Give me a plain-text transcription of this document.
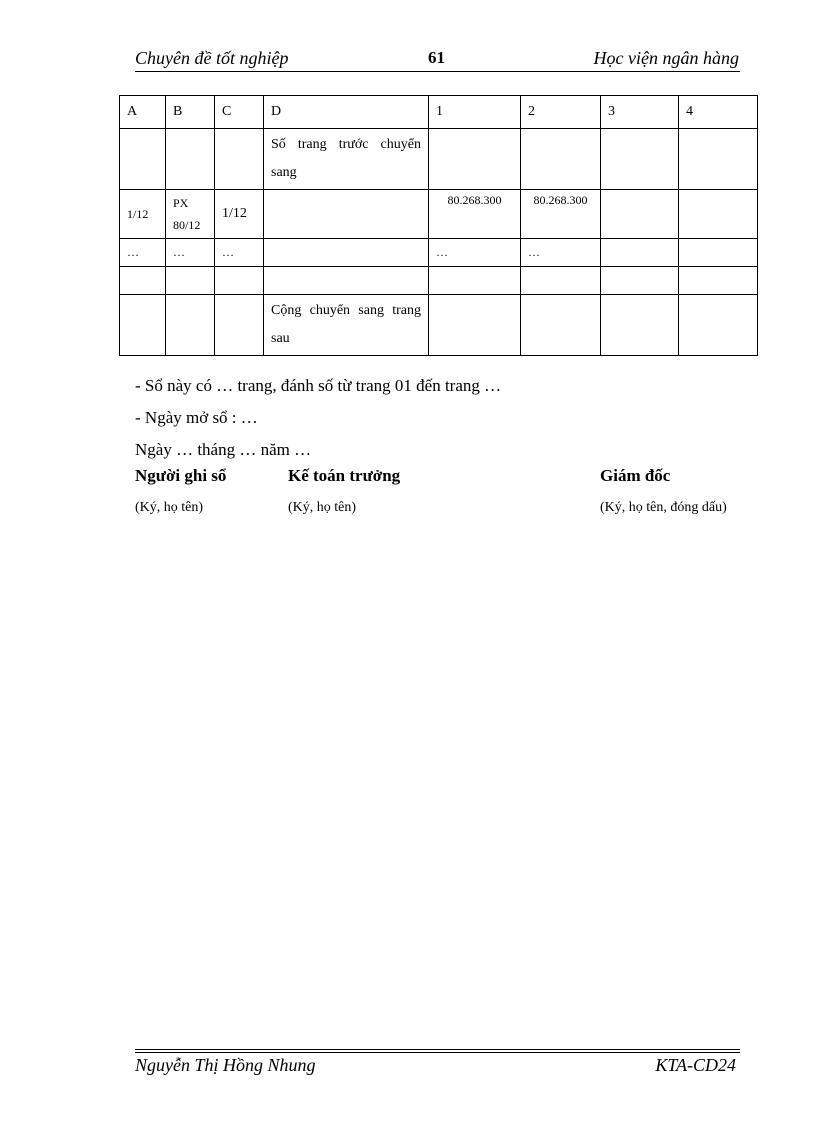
Chuyên đề tốt nghiệp	61	Học viện ngân hàng
A	B	C	D	1	2	3	4
			Số trang trước chuyển sang				
1/12	PX 80/12	1/12		80.268.300	80.268.300		
…	…	…		…	…		

			Cộng chuyển sang trang sau				
- Sổ này có … trang, đánh số từ trang 01 đến trang …
- Ngày mở sổ : …
Ngày … tháng … năm …
Người ghi sổ	Kế toán trưởng	Giám đốc
(Ký, họ tên)	(Ký, họ tên)	(Ký, họ tên, đóng dấu)
Nguyễn Thị Hồng Nhung	KTA-CD24
